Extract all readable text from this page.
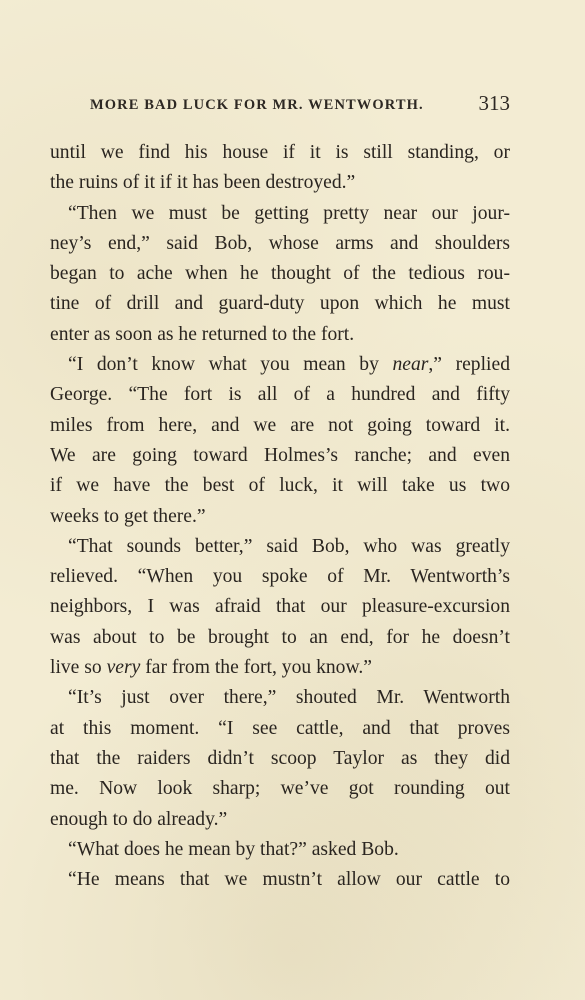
MORE BAD LUCK FOR MR. WENTWORTH.	313
until we find his house if it is still standing, or
the ruins of it if it has been destroyed.”
“Then we must be getting pretty near our jour-
ney’s end,” said Bob, whose arms and shoulders
began to ache when he thought of the tedious rou-
tine of drill and guard-duty upon which he must
enter as soon as he returned to the fort.
“I don’t know what you mean by near,” replied
George. “The fort is all of a hundred and fifty
miles from here, and we are not going toward it.
We are going toward Holmes’s ranche; and even
if we have the best of luck, it will take us two
weeks to get there.”
“That sounds better,” said Bob, who was greatly
relieved. “When you spoke of Mr. Wentworth’s
neighbors, I was afraid that our pleasure-excursion
was about to be brought to an end, for he doesn’t
live so very far from the fort, you know.”
“It’s just over there,” shouted Mr. Wentworth
at this moment. “I see cattle, and that proves
that the raiders didn’t scoop Taylor as they did
me. Now look sharp; we’ve got rounding out
enough to do already.”
“What does he mean by that?” asked Bob.
“He means that we mustn’t allow our cattle to
